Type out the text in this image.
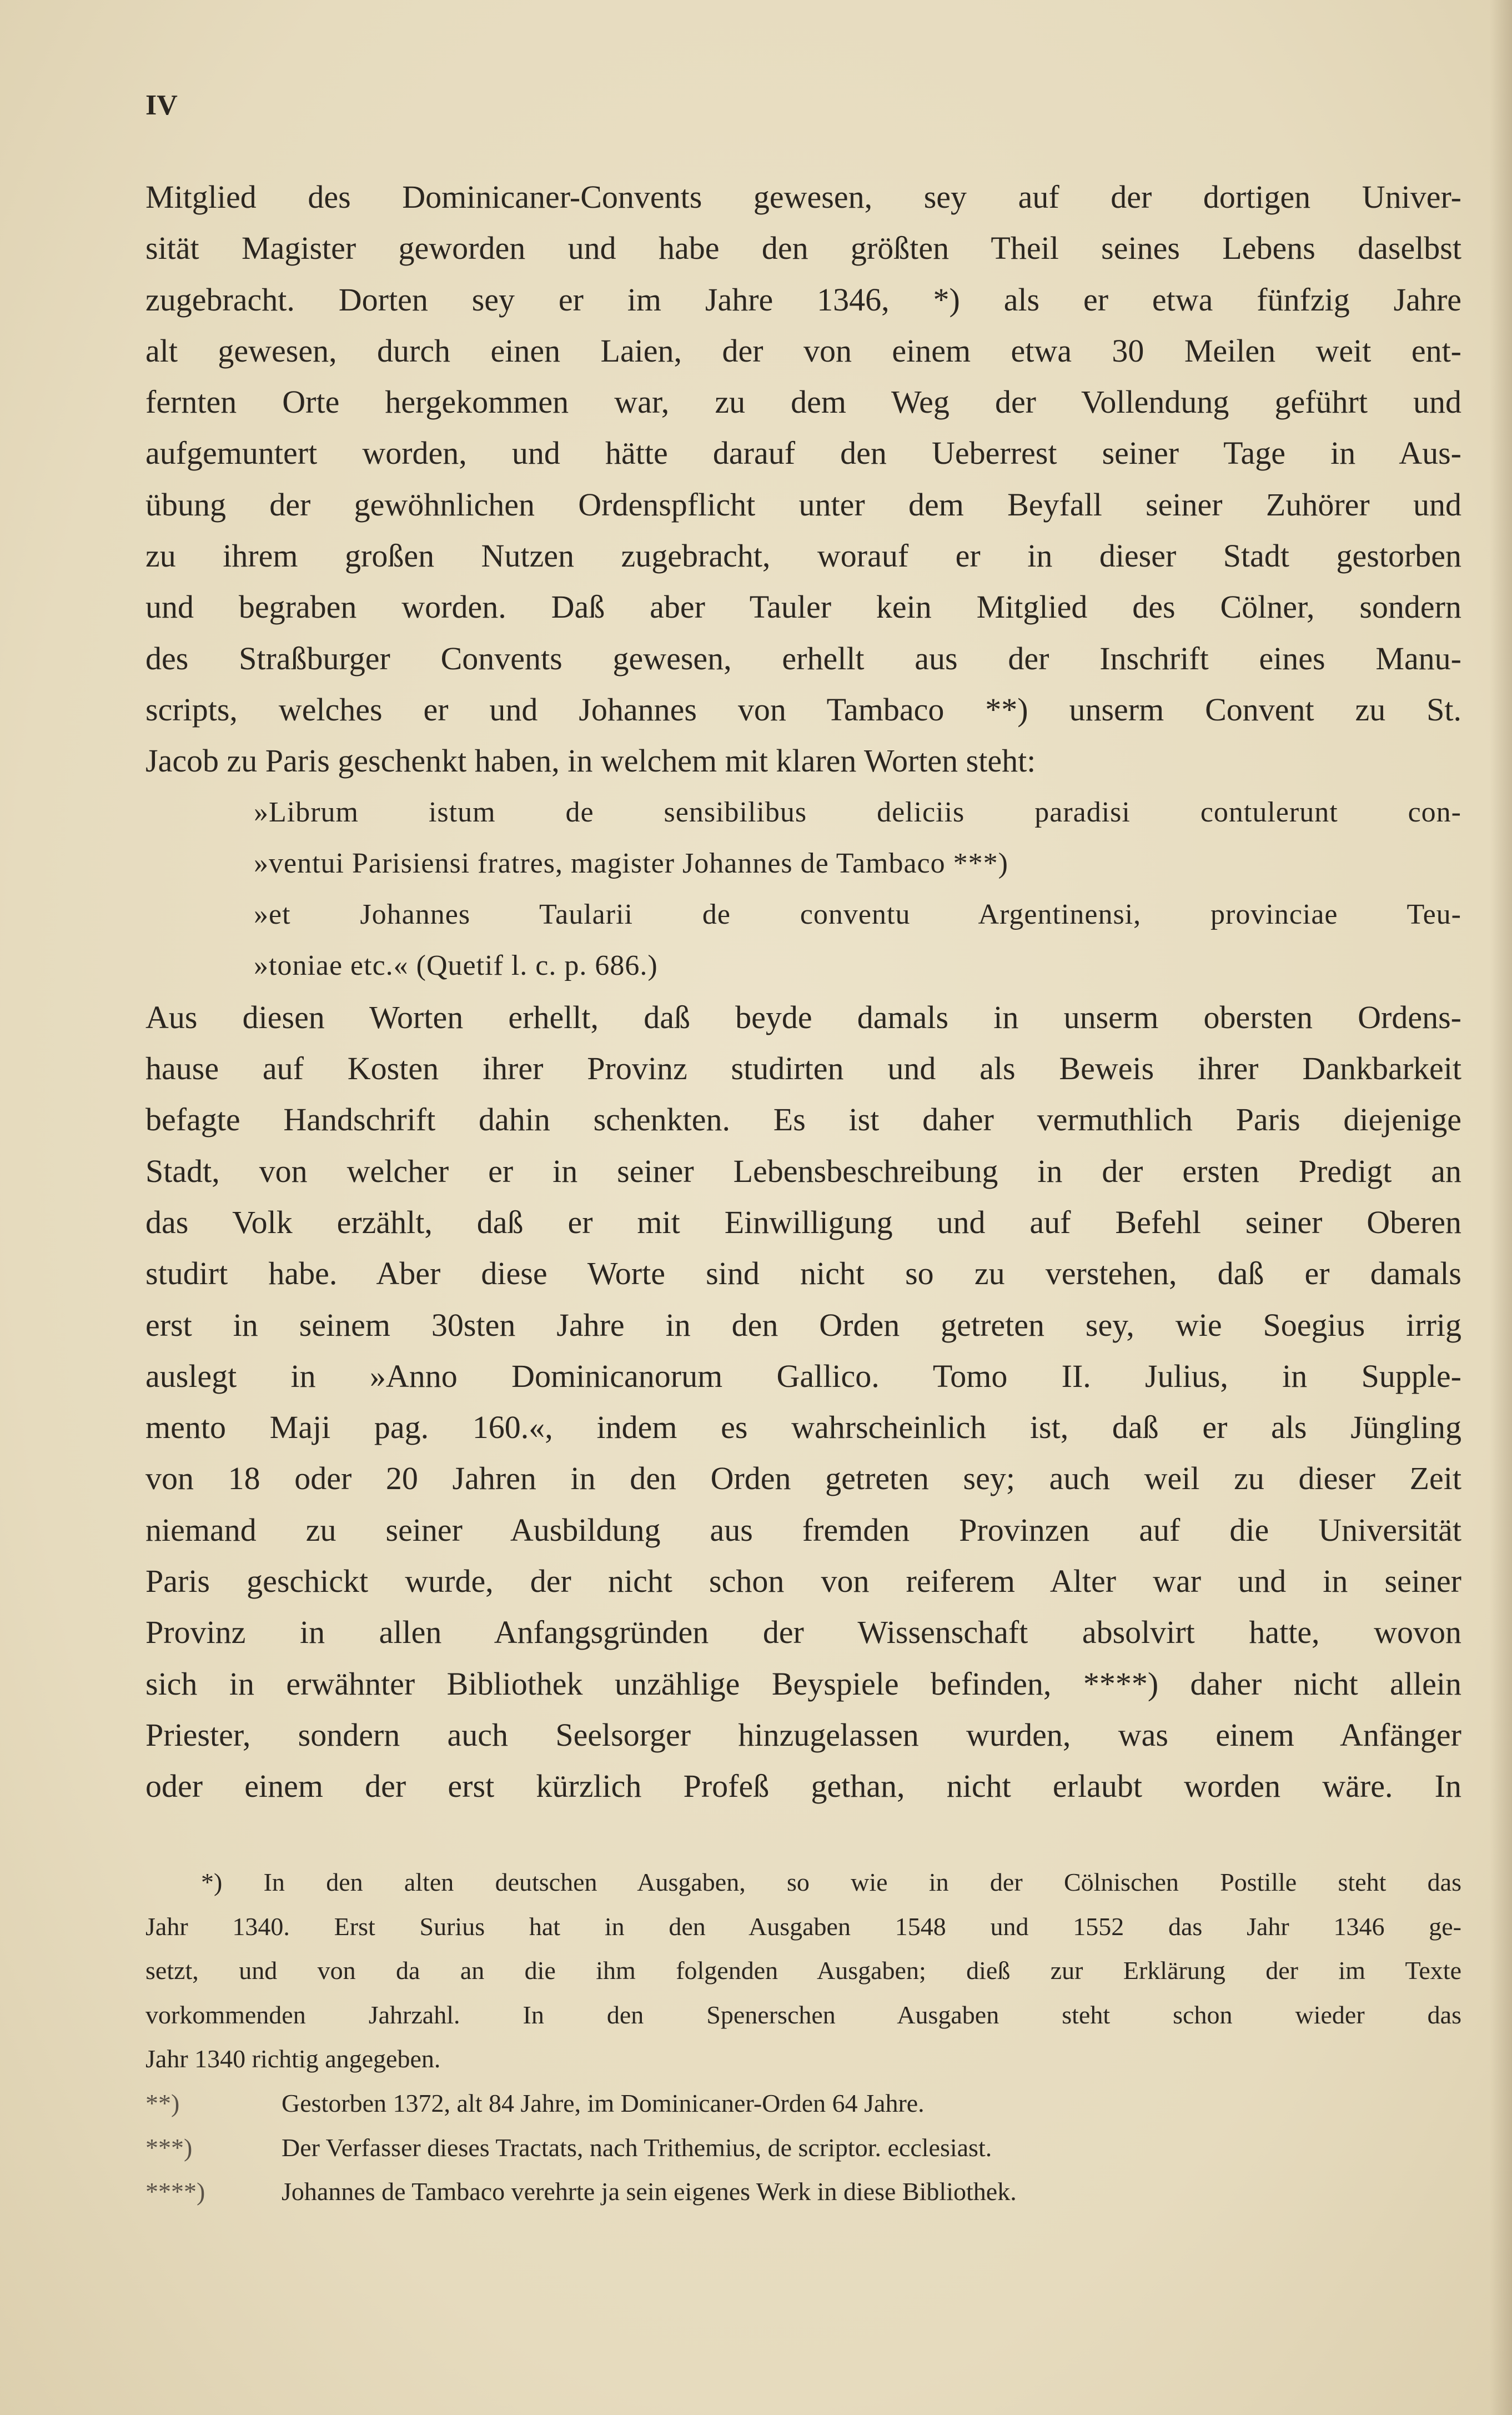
IV
Mitglied des Dominicaner-Convents gewesen, sey auf der dortigen Univer-
sität Magister geworden und habe den größten Theil seines Lebens daselbst
zugebracht. Dorten sey er im Jahre 1346, *) als er etwa fünfzig Jahre
alt gewesen, durch einen Laien, der von einem etwa 30 Meilen weit ent-
fernten Orte hergekommen war, zu dem Weg der Vollendung geführt und
aufgemuntert worden, und hätte darauf den Ueberrest seiner Tage in Aus-
übung der gewöhnlichen Ordenspflicht unter dem Beyfall seiner Zuhörer und
zu ihrem großen Nutzen zugebracht, worauf er in dieser Stadt gestorben
und begraben worden. Daß aber Tauler kein Mitglied des Cölner, sondern
des Straßburger Convents gewesen, erhellt aus der Inschrift eines Manu-
scripts, welches er und Johannes von Tambaco **) unserm Convent zu St.
Jacob zu Paris geschenkt haben, in welchem mit klaren Worten steht:
»Librum istum de sensibilibus deliciis paradisi contulerunt con-
»ventui Parisiensi fratres, magister Johannes de Tambaco ***)
»et Johannes Taularii de conventu Argentinensi, provinciae Teu-
»toniae etc.« (Quetif l. c. p. 686.)
Aus diesen Worten erhellt, daß beyde damals in unserm obersten Ordens-
hause auf Kosten ihrer Provinz studirten und als Beweis ihrer Dankbarkeit
befagte Handschrift dahin schenkten. Es ist daher vermuthlich Paris diejenige
Stadt, von welcher er in seiner Lebensbeschreibung in der ersten Predigt an
das Volk erzählt, daß er mit Einwilligung und auf Befehl seiner Oberen
studirt habe. Aber diese Worte sind nicht so zu verstehen, daß er damals
erst in seinem 30sten Jahre in den Orden getreten sey, wie Soegius irrig
auslegt in »Anno Dominicanorum Gallico. Tomo II. Julius, in Supple-
mento Maji pag. 160.«, indem es wahrscheinlich ist, daß er als Jüngling
von 18 oder 20 Jahren in den Orden getreten sey; auch weil zu dieser Zeit
niemand zu seiner Ausbildung aus fremden Provinzen auf die Universität
Paris geschickt wurde, der nicht schon von reiferem Alter war und in seiner
Provinz in allen Anfangsgründen der Wissenschaft absolvirt hatte, wovon
sich in erwähnter Bibliothek unzählige Beyspiele befinden, ****) daher nicht allein
Priester, sondern auch Seelsorger hinzugelassen wurden, was einem Anfänger
oder einem der erst kürzlich Profeß gethan, nicht erlaubt worden wäre. In
*) In den alten deutschen Ausgaben, so wie in der Cölnischen Postille steht das
Jahr 1340. Erst Surius hat in den Ausgaben 1548 und 1552 das Jahr 1346 ge-
setzt, und von da an die ihm folgenden Ausgaben; dieß zur Erklärung der im Texte
vorkommenden Jahrzahl. In den Spenerschen Ausgaben steht schon wieder das
Jahr 1340 richtig angegeben.
**)	Gestorben 1372, alt 84 Jahre, im Dominicaner-Orden 64 Jahre.
***)	Der Verfasser dieses Tractats, nach Trithemius, de scriptor. ecclesiast.
****)	Johannes de Tambaco verehrte ja sein eigenes Werk in diese Bibliothek.
